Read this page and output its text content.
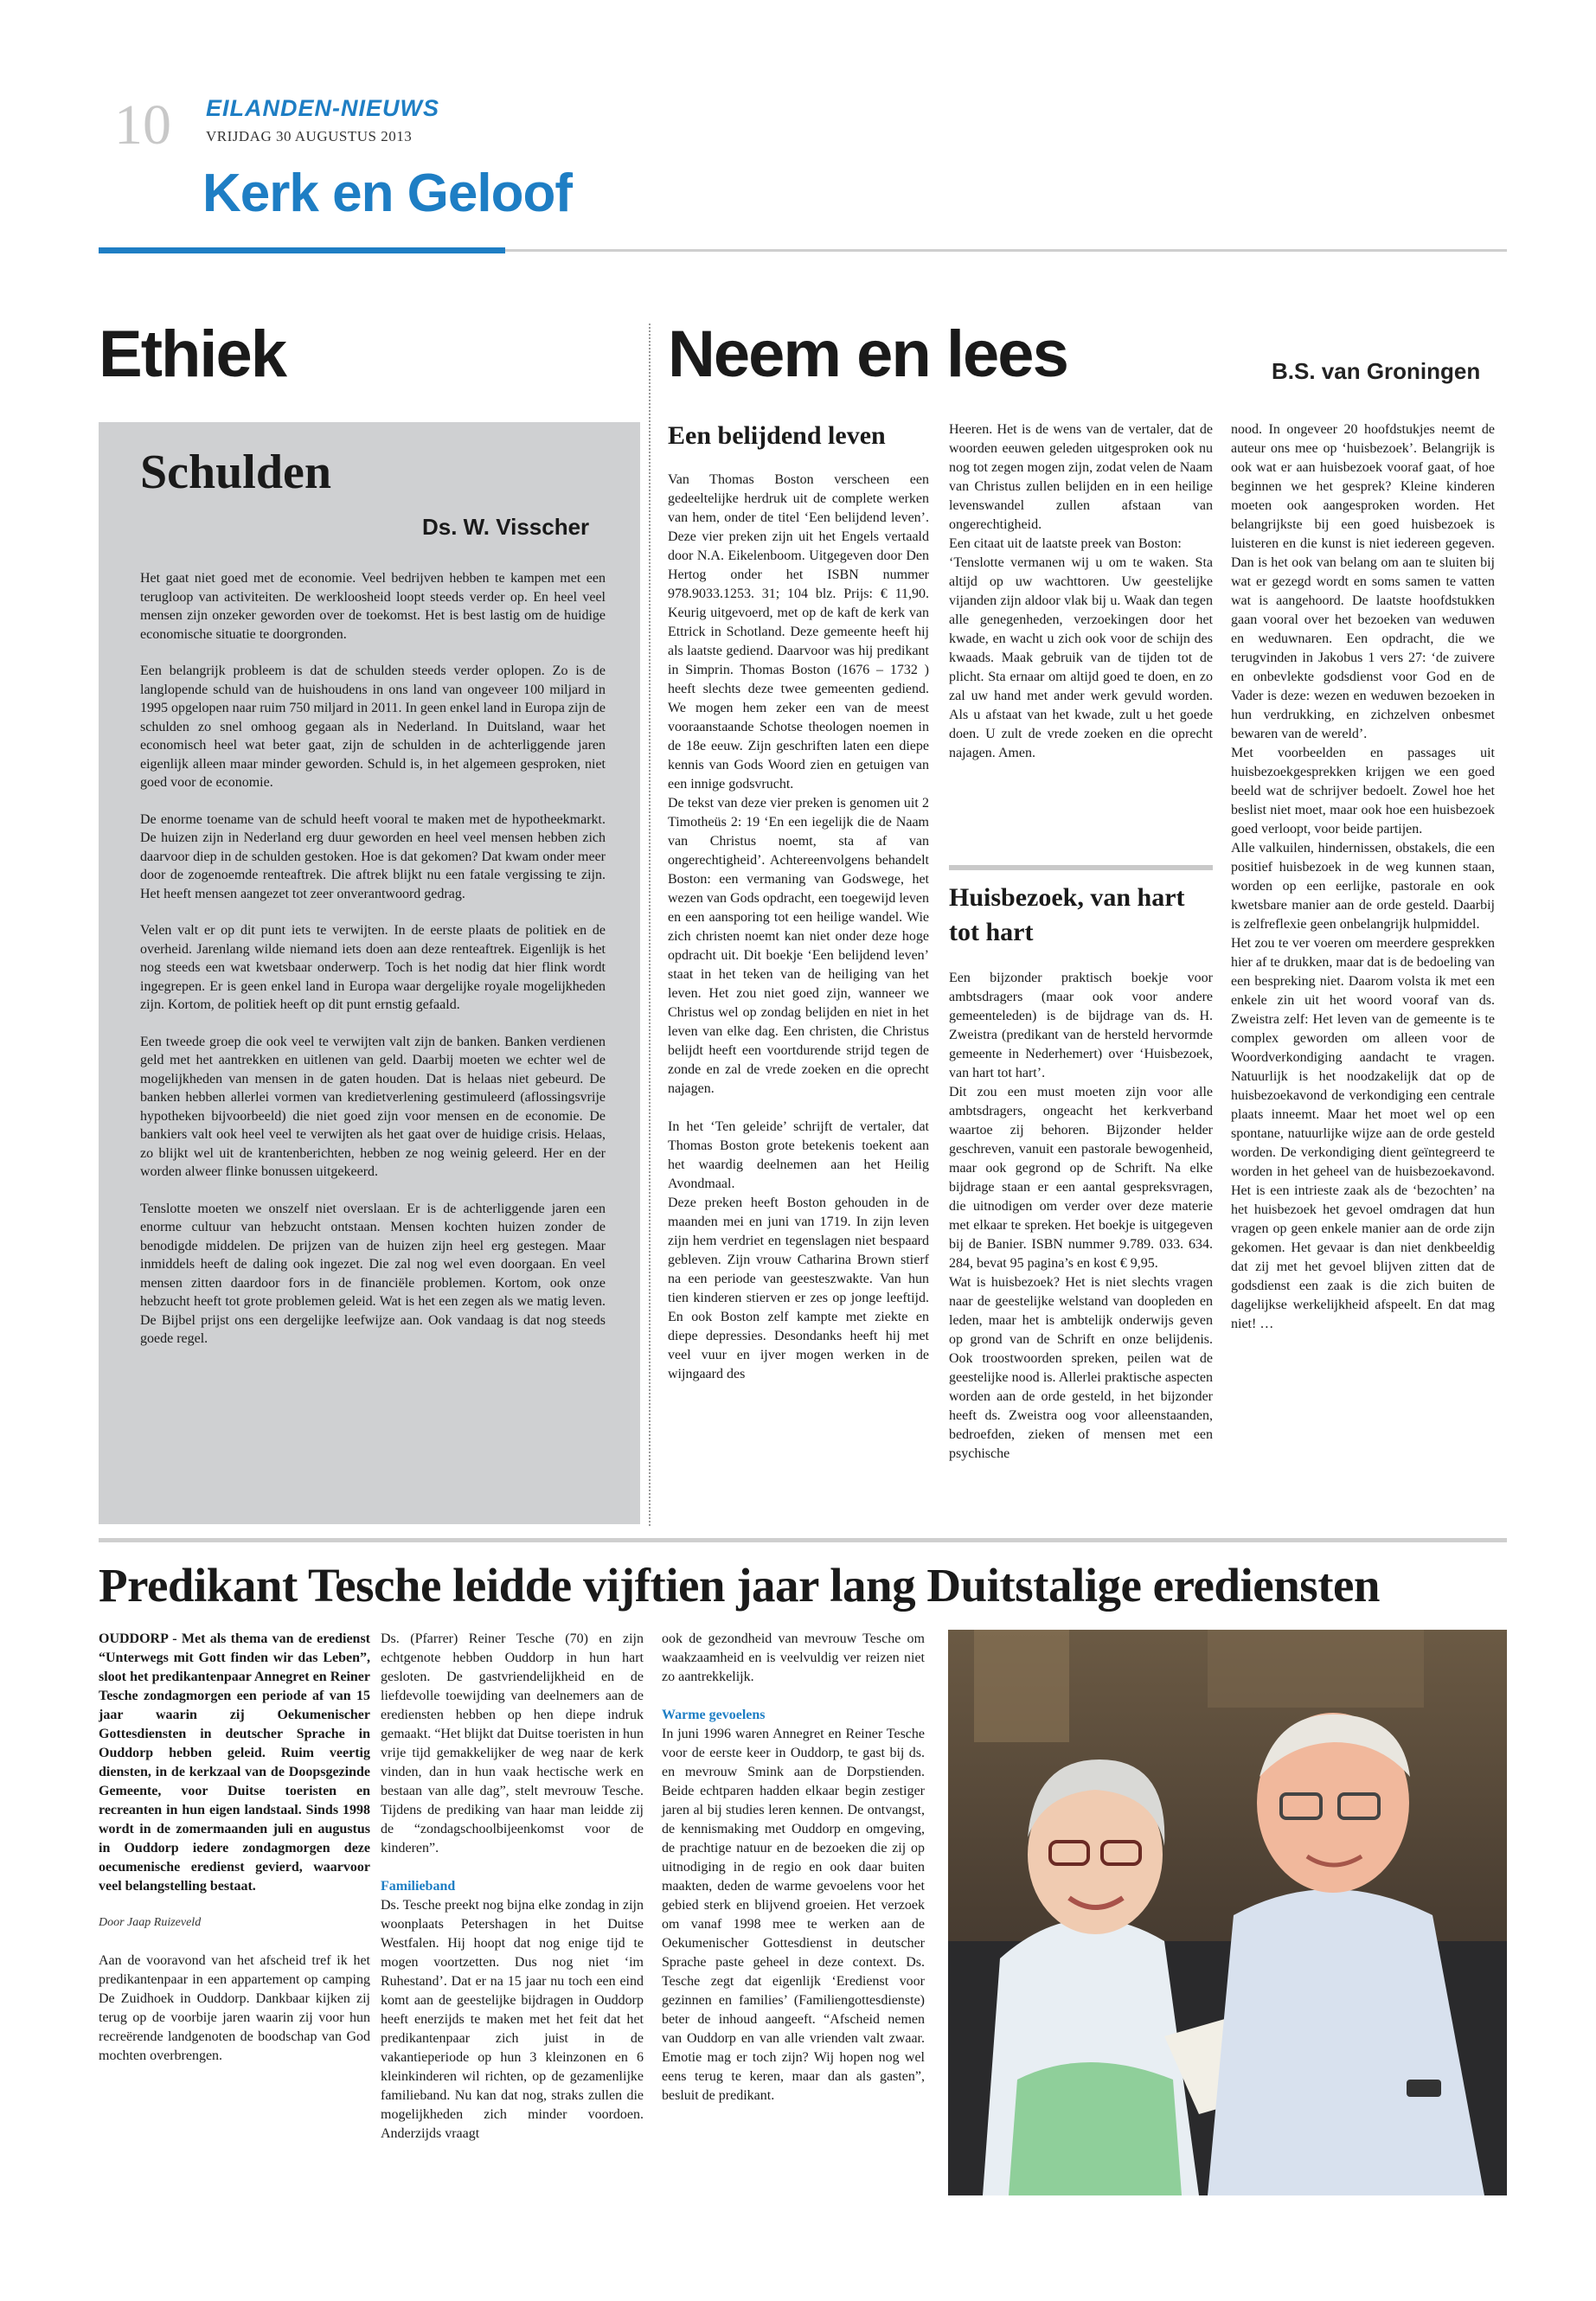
10 EILANDEN-NIEUWS
VRIJDAG 30 AUGUSTUS 2013
Kerk en Geloof
Ethiek	Neem en lees	B.S. van Groningen
Schulden
Ds. W. Visscher

Het gaat niet goed met de economie. Veel bedrijven hebben te kampen met een terugloop van activiteiten. De werkloosheid loopt steeds verder op. En heel veel mensen zijn onzeker geworden over de toekomst. Het is best lastig om de huidige economische situatie te doorgronden.

Een belangrijk probleem is dat de schulden steeds verder oplopen. Zo is de langlopende schuld van de huishoudens in ons land van ongeveer 100 miljard in 1995 opgelopen naar ruim 750 miljard in 2011. In geen enkel land in Europa zijn de schulden zo snel omhoog gegaan als in Nederland. In Duitsland, waar het economisch heel wat beter gaat, zijn de schulden in de achterliggende jaren eigenlijk alleen maar minder geworden. Schuld is, in het algemeen gesproken, niet goed voor de economie.

De enorme toename van de schuld heeft vooral te maken met de hypotheekmarkt. De huizen zijn in Nederland erg duur geworden en heel veel mensen hebben zich daarvoor diep in de schulden gestoken. Hoe is dat gekomen? Dat kwam onder meer door de zogenoemde renteaftrek. Die aftrek blijkt nu een fatale vergissing te zijn. Het heeft mensen aangezet tot zeer onverantwoord gedrag.

Velen valt er op dit punt iets te verwijten. In de eerste plaats de politiek en de overheid. Jarenlang wilde niemand iets doen aan deze renteaftrek. Eigenlijk is het nog steeds een wat kwetsbaar onderwerp. Toch is het nodig dat hier flink wordt ingegrepen. Er is geen enkel land in Europa waar dergelijke royale mogelijkheden zijn. Kortom, de politiek heeft op dit punt ernstig gefaald.

Een tweede groep die ook veel te verwijten valt zijn de banken. Banken verdienen geld met het aantrekken en uitlenen van geld. Daarbij moeten we echter wel de mogelijkheden van mensen in de gaten houden. Dat is helaas niet gebeurd. De banken hebben allerlei vormen van kredietverlening gestimuleerd (aflossingsvrije hypotheken bijvoorbeeld) die niet goed zijn voor mensen en de economie. De bankiers valt ook heel veel te verwijten als het gaat over de huidige crisis. Helaas, zo blijkt wel uit de krantenberichten, hebben ze nog weinig geleerd. Her en der worden alweer flinke bonussen uitgekeerd.

Tenslotte moeten we onszelf niet overslaan. Er is de achterliggende jaren een enorme cultuur van hebzucht ontstaan. Mensen kochten huizen zonder de benodigde middelen. De prijzen van de huizen zijn heel erg gestegen. Maar inmiddels heeft de daling ook ingezet. Die zal nog wel even doorgaan. En veel mensen zitten daardoor fors in de financiële problemen. Kortom, ook onze hebzucht heeft tot grote problemen geleid. Wat is het een zegen als we matig leven. De Bijbel prijst ons een dergelijke leefwijze aan. Ook vandaag is dat nog steeds goede regel.

Een belijdend leven

Van Thomas Boston verscheen een gedeeltelijke herdruk uit de complete werken van hem, onder de titel ‘Een belijdend leven’. Deze vier preken zijn uit het Engels vertaald door N.A. Eikelenboom. Uitgegeven door Den Hertog onder het ISBN nummer 978.9033.1253. 31; 104 blz. Prijs: € 11,90. Keurig uitgevoerd, met op de kaft de kerk van Ettrick in Schotland. Deze gemeente heeft hij als laatste gediend. Daarvoor was hij predikant in Simprin. Thomas Boston (1676 – 1732 ) heeft slechts deze twee gemeenten gediend. We mogen hem zeker een van de meest vooraanstaande Schotse theologen noemen in de 18e eeuw. Zijn geschriften laten een diepe kennis van Gods Woord zien en getuigen van een innige godsvrucht.

De tekst van deze vier preken is genomen uit 2 Timotheüs 2: 19 ‘En een iegelijk die de Naam van Christus noemt, sta af van ongerechtigheid’. Achtereenvolgens behandelt Boston: een vermaning van Godswege, het wezen van Gods opdracht, een toegewijd leven en een aansporing tot een heilige wandel. Wie zich christen noemt kan niet onder deze hoge opdracht uit. Dit boekje ‘Een belijdend leven’ staat in het teken van de heiliging van het leven. Het zou niet goed zijn, wanneer we Christus wel op zondag belijden en niet in het leven van elke dag. Een christen, die Christus belijdt heeft een voortdurende strijd tegen de zonde en zal de vrede zoeken en die oprecht najagen.

In het ‘Ten geleide’ schrijft de vertaler, dat Thomas Boston grote betekenis toekent aan het waardig deelnemen aan het Heilig Avondmaal.

Deze preken heeft Boston gehouden in de maanden mei en juni van 1719. In zijn leven zijn hem verdriet en tegenslagen niet bespaard gebleven. Zijn vrouw Catharina Brown stierf na een periode van geesteszwakte. Van hun tien kinderen stierven er zes op jonge leeftijd. En ook Boston zelf kampte met ziekte en diepe depressies. Desondanks heeft hij met veel vuur en ijver mogen werken in de wijngaard des

Heeren. Het is de wens van de vertaler, dat de woorden eeuwen geleden uitgesproken ook nu nog tot zegen mogen zijn, zodat velen de Naam van Christus zullen belijden en in een heilige levenswandel zullen afstaan van ongerechtigheid.

Een citaat uit de laatste preek van Boston:

‘Tenslotte vermanen wij u om te waken. Sta altijd op uw wachttoren. Uw geestelijke vijanden zijn aldoor vlak bij u. Waak dan tegen alle genegenheden, verzoekingen door het kwade, en wacht u zich ook voor de schijn des kwaads. Maak gebruik van de tijden tot de plicht. Sta ernaar om altijd goed te doen, en zo zal uw hand met ander werk gevuld worden. Als u afstaat van het kwade, zult u het goede doen. U zult de vrede zoeken en die oprecht najagen. Amen.

Huisbezoek, van hart tot hart

Een bijzonder praktisch boekje voor ambtsdragers (maar ook voor andere gemeenteleden) is de bijdrage van ds. H. Zweistra (predikant van de hersteld hervormde gemeente in Nederhemert) over ‘Huisbezoek, van hart tot hart’.

Dit zou een must moeten zijn voor alle ambtsdragers, ongeacht het kerkverband waartoe zij behoren. Bijzonder helder geschreven, vanuit een pastorale bewogenheid, maar ook gegrond op de Schrift. Na elke bijdrage staan er een aantal gespreksvragen, die uitnodigen om verder over deze materie met elkaar te spreken. Het boekje is uitgegeven bij de Banier. ISBN nummer 9.789. 033. 634. 284, bevat 95 pagina’s en kost € 9,95.

Wat is huisbezoek? Het is niet slechts vragen naar de geestelijke welstand van doopleden en leden, maar het is ambtelijk onderwijs geven op grond van de Schrift en onze belijdenis. Ook troostwoorden spreken, peilen wat de geestelijke nood is. Allerlei praktische aspecten worden aan de orde gesteld, in het bijzonder heeft ds. Zweistra oog voor alleenstaanden, bedroefden, zieken of mensen met een psychische

nood. In ongeveer 20 hoofdstukjes neemt de auteur ons mee op ‘huisbezoek’. Belangrijk is ook wat er aan huisbezoek vooraf gaat, of hoe beginnen we het gesprek? Kleine kinderen moeten ook aangesproken worden. Het belangrijkste bij een goed huisbezoek is luisteren en die kunst is niet iedereen gegeven. Dan is het ook van belang om aan te sluiten bij wat er gezegd wordt en soms samen te vatten wat is aangehoord. De laatste hoofdstukken gaan vooral over het bezoeken van weduwen en weduwnaren. Een opdracht, die we terugvinden in Jakobus 1 vers 27: ‘de zuivere en onbevlekte godsdienst voor God en de Vader is deze: wezen en weduwen bezoeken in hun verdrukking, en zichzelven onbesmet bewaren van de wereld’.

Met voorbeelden en passages uit huisbezoekgesprekken krijgen we een goed beeld wat de schrijver bedoelt. Zowel hoe het beslist niet moet, maar ook hoe een huisbezoek goed verloopt, voor beide partijen.

Alle valkuilen, hindernissen, obstakels, die een positief huisbezoek in de weg kunnen staan, worden op een eerlijke, pastorale en ook kwetsbare manier aan de orde gesteld. Daarbij is zelfreflexie geen onbelangrijk hulpmiddel.

Het zou te ver voeren om meerdere gesprekken hier af te drukken, maar dat is de bedoeling van een bespreking niet. Daarom volsta ik met een enkele zin uit het woord vooraf van ds. Zweistra zelf: Het leven van de gemeente is te complex geworden om alleen voor de Woordverkondiging aandacht te vragen. Natuurlijk is het noodzakelijk dat op de huisbezoekavond de verkondiging een centrale plaats inneemt. Maar het moet wel op een spontane, natuurlijke wijze aan de orde gesteld worden. De verkondiging dient geïntegreerd te worden in het geheel van de huisbezoekavond. Het is een intrieste zaak als de ‘bezochten’ na het huisbezoek het gevoel omdragen dat hun vragen op geen enkele manier aan de orde zijn gekomen. Het gevaar is dan niet denkbeeldig dat zij met het gevoel blijven zitten dat de godsdienst een zaak is die zich buiten de dagelijkse werkelijkheid afspeelt. En dat mag niet! …

Predikant Tesche leidde vijftien jaar lang Duitstalige erediensten

OUDDORP - Met als thema van de eredienst “Unterwegs mit Gott finden wir das Leben”, sloot het predikantenpaar Annegret en Reiner Tesche zondagmorgen een periode af van 15 jaar waarin zij Oekumenischer Gottesdiensten in deutscher Sprache in Ouddorp hebben geleid. Ruim veertig diensten, in de kerkzaal van de Doopsgezinde Gemeente, voor Duitse toeristen en recreanten in hun eigen landstaal. Sinds 1998 wordt in de zomermaanden juli en augustus in Ouddorp iedere zondagmorgen deze oecumenische eredienst gevierd, waarvoor veel belangstelling bestaat.

Door Jaap Ruizeveld

Aan de vooravond van het afscheid tref ik het predikantenpaar in een appartement op camping De Zuidhoek in Ouddorp. Dankbaar kijken zij terug op de voorbije jaren waarin zij voor hun recreërende landgenoten de boodschap van God mochten overbrengen.

Ds. (Pfarrer) Reiner Tesche (70) en zijn echtgenote hebben Ouddorp in hun hart gesloten. De gastvriendelijkheid en de liefdevolle toewijding van deelnemers aan de erediensten hebben op hen diepe indruk gemaakt. “Het blijkt dat Duitse toeristen in hun vrije tijd gemakkelijker de weg naar de kerk vinden, dan in hun vaak hectische werk en bestaan van alle dag”, stelt mevrouw Tesche. Tijdens de prediking van haar man leidde zij de “zondagschoolbijeenkomst voor de kinderen”.

Familieband

Ds. Tesche preekt nog bijna elke zondag in zijn woonplaats Petershagen in het Duitse Westfalen. Hij hoopt dat nog enige tijd te mogen voortzetten. Dus nog niet ‘im Ruhestand’. Dat er na 15 jaar nu toch een eind komt aan de geestelijke bijdragen in Ouddorp heeft enerzijds te maken met het feit dat het predikantenpaar zich juist in de vakantieperiode op hun 3 kleinzonen en 6 kleinkinderen wil richten, op de gezamenlijke familieband. Nu kan dat nog, straks zullen die mogelijkheden zich minder voordoen. Anderzijds vraagt

ook de gezondheid van mevrouw Tesche om waakzaamheid en is veelvuldig ver reizen niet zo aantrekkelijk.

Warme gevoelens

In juni 1996 waren Annegret en Reiner Tesche voor de eerste keer in Ouddorp, te gast bij ds. en mevrouw Smink aan de Dorpstienden. Beide echtparen hadden elkaar begin zestiger jaren al bij studies leren kennen. De ontvangst, de kennismaking met Ouddorp en omgeving, de prachtige natuur en de bezoeken die zij op uitnodiging in de regio en ook daar buiten maakten, deden de warme gevoelens voor het gebied sterk en blijvend groeien. Het verzoek om vanaf 1998 mee te werken aan de Oekumenischer Gottesdienst in deutscher Sprache paste geheel in deze context. Ds. Tesche zegt dat eigenlijk ‘Eredienst voor gezinnen en families’ (Familiengottesdienste) beter de inhoud aangeeft. “Afscheid nemen van Ouddorp en van alle vrienden valt zwaar. Emotie mag er toch zijn? Wij hopen nog wel eens terug te keren, maar dan als gasten”, besluit de predikant.
